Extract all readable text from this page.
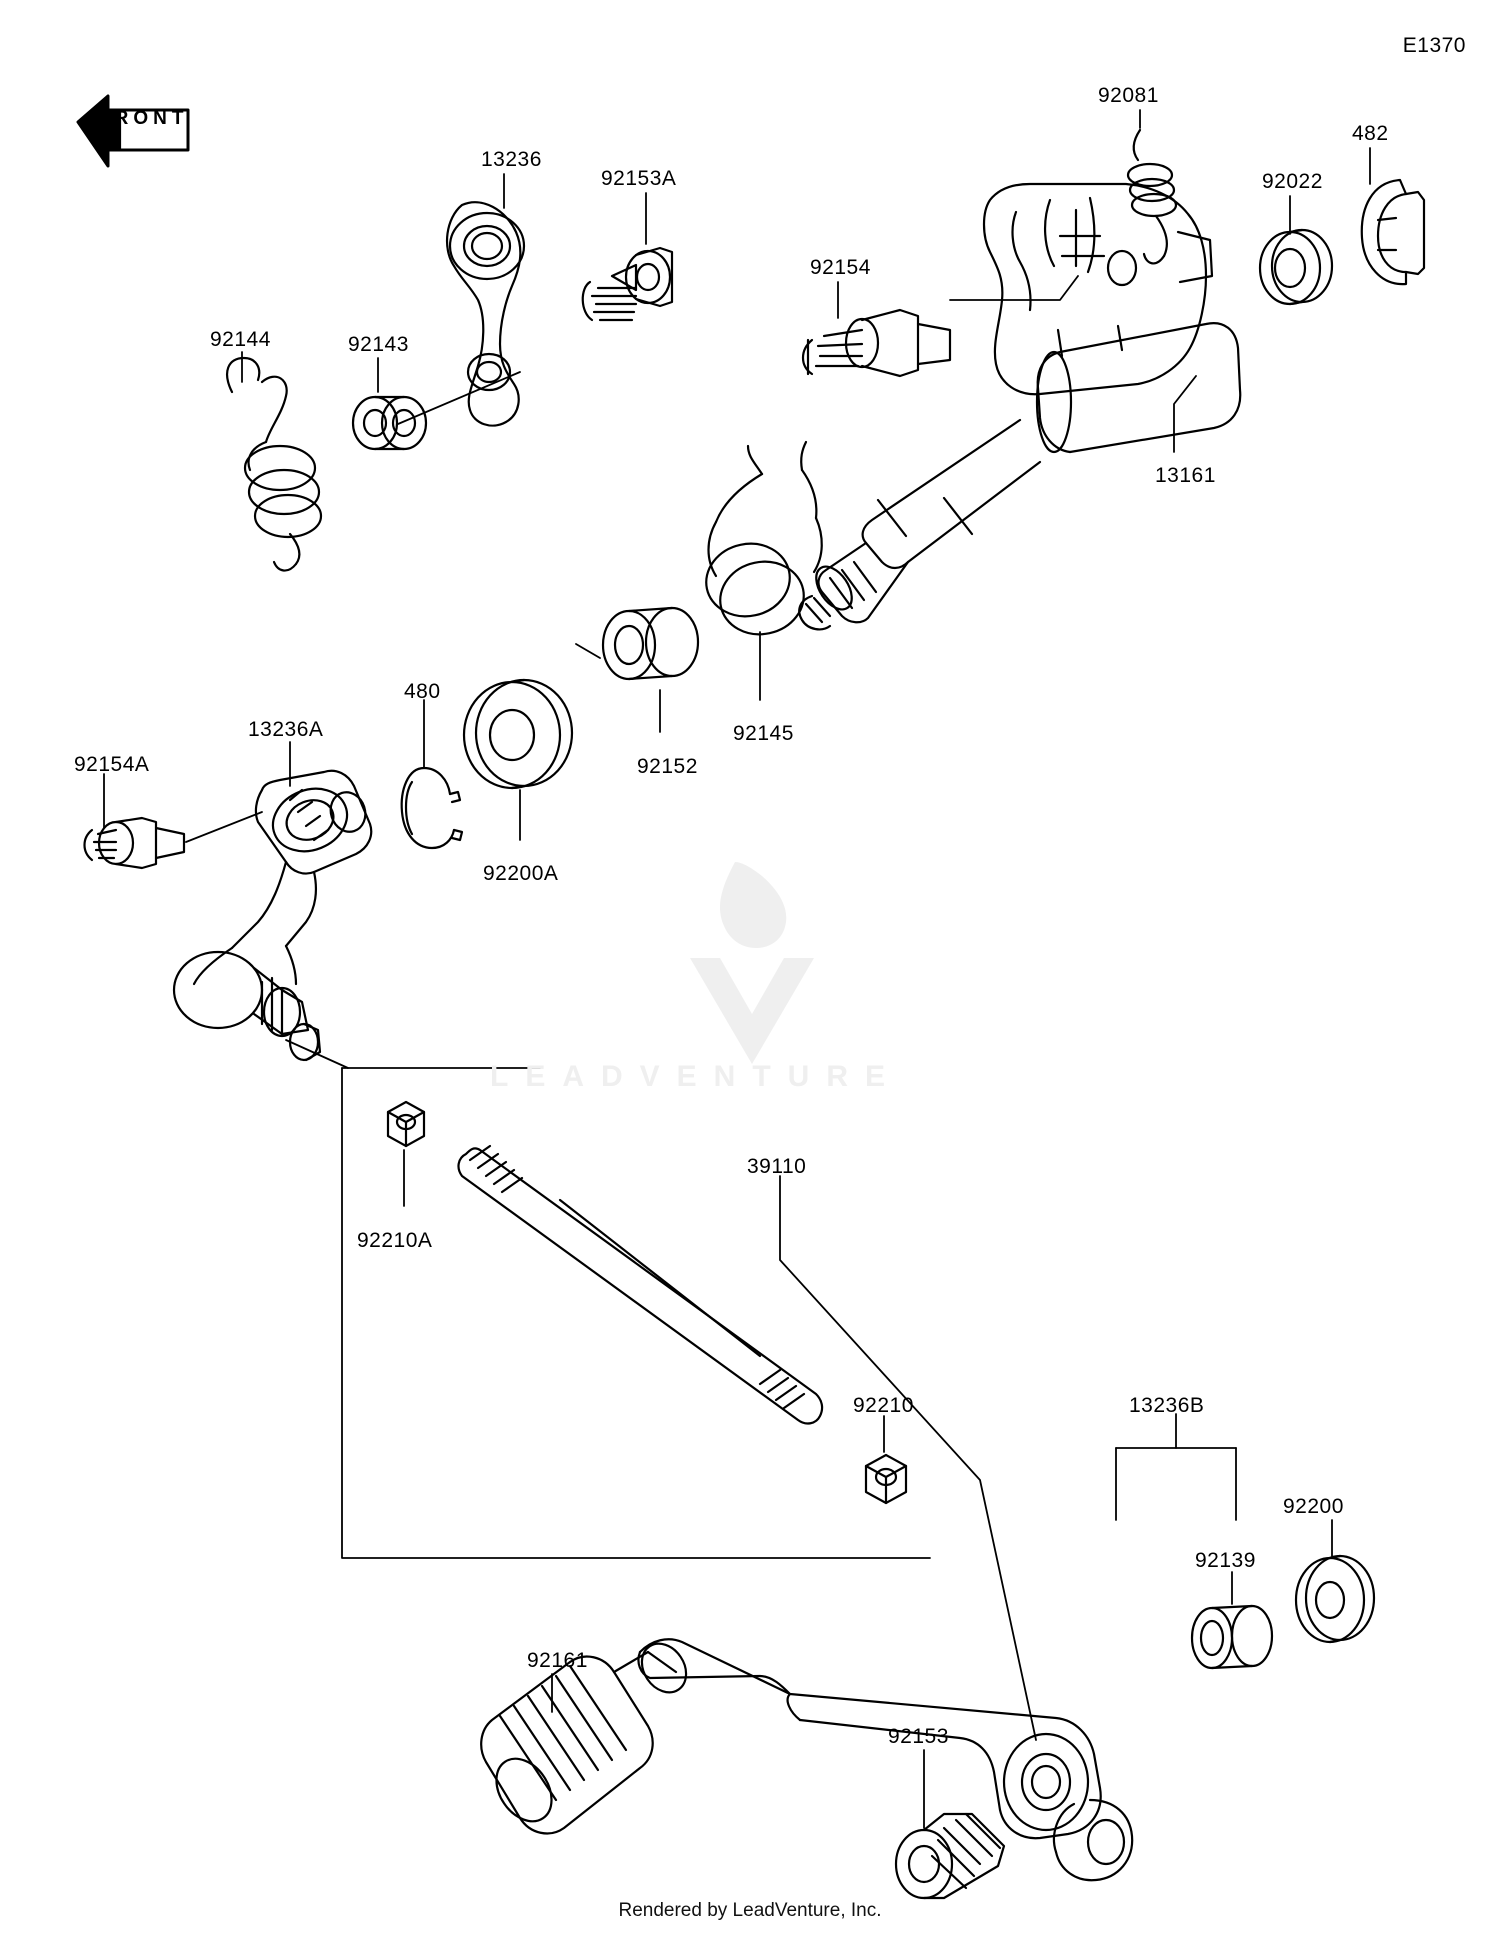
E1370
FRONT
LEADVENTURE
92081
482
92022
13236
92153A
92154
92144	92143
13161
92145
92152
480
13236A
92154A
92200A
92210A
39110
92210	13236B
92200
92139
92161
92153
Rendered by LeadVenture, Inc.
